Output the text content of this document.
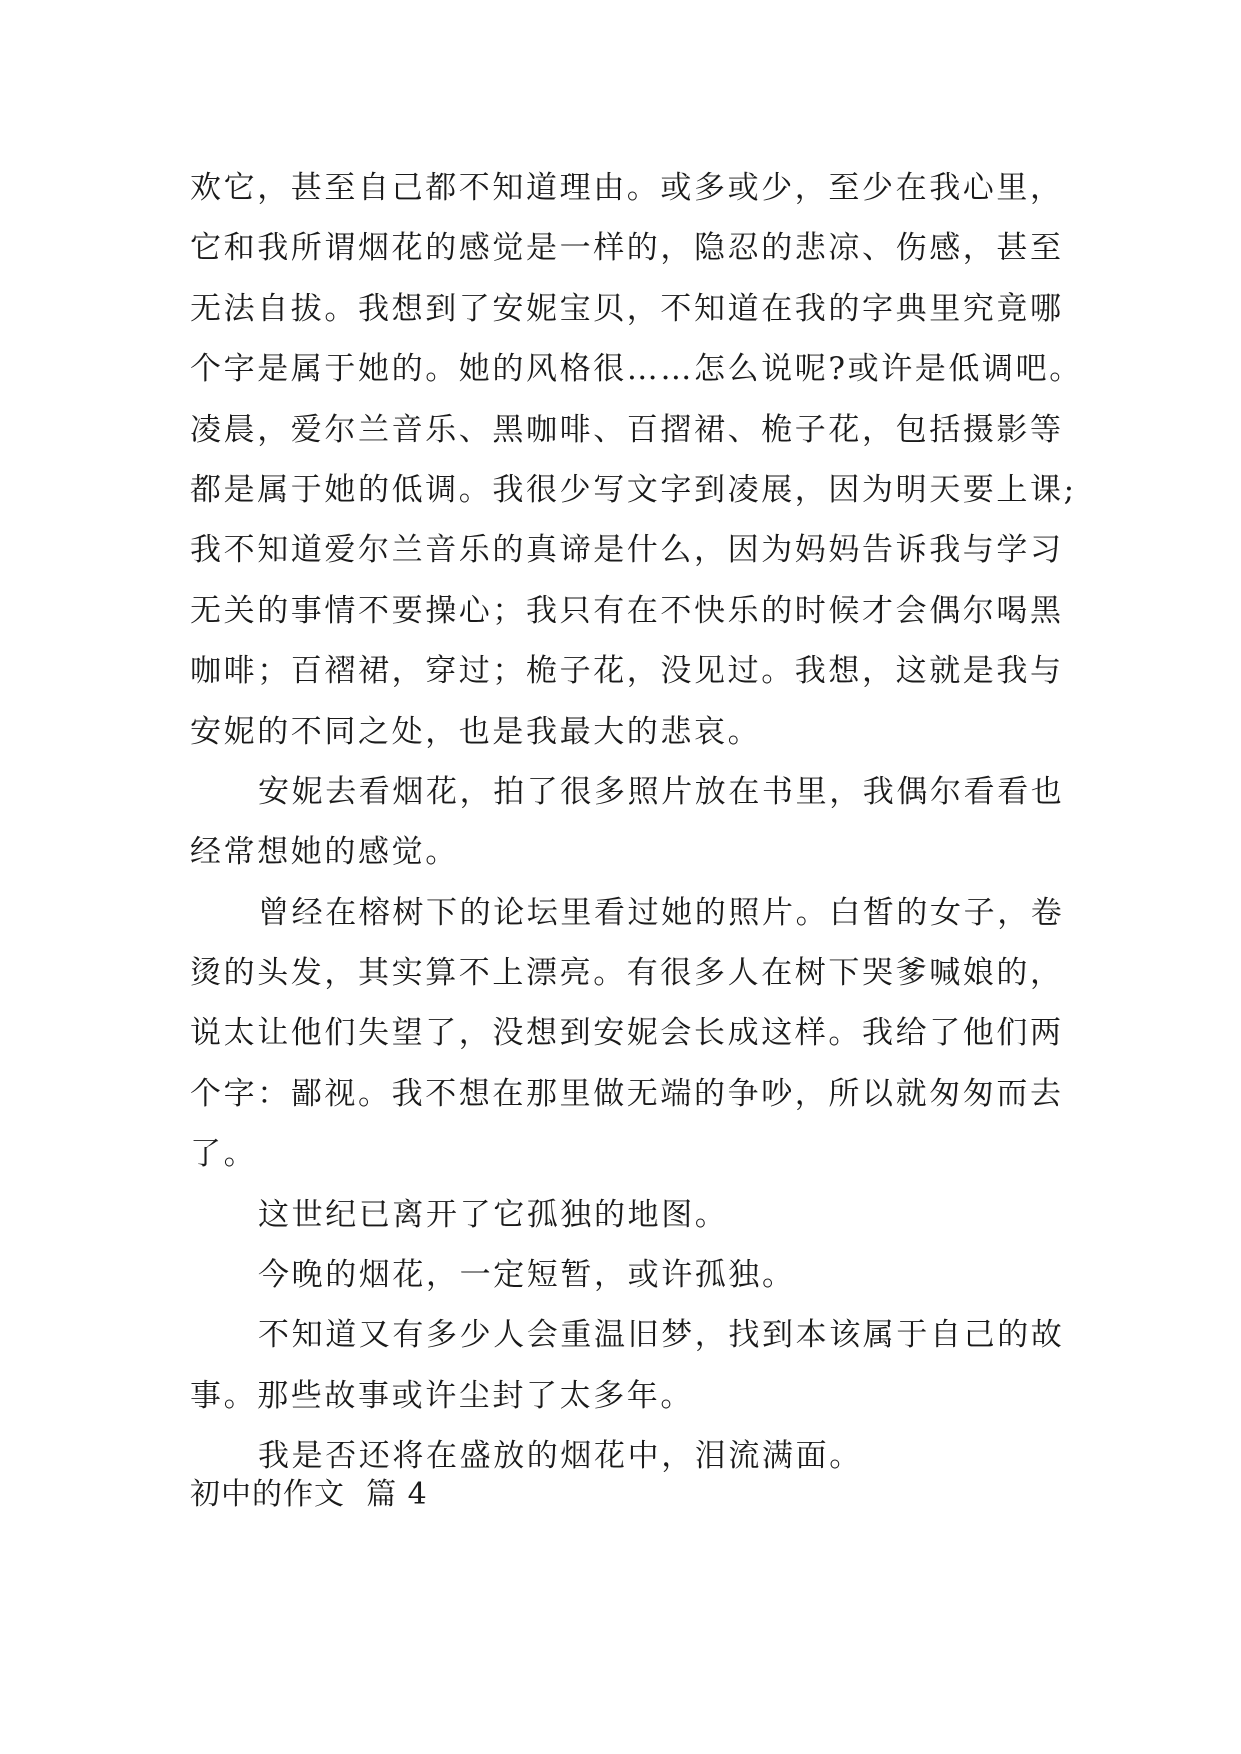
欢它，甚至自己都不知道理由。或多或少，至少在我心里，
它和我所谓烟花的感觉是一样的，隐忍的悲凉、伤感，甚至
无法自拔。我想到了安妮宝贝，不知道在我的字典里究竟哪
个字是属于她的。她的风格很……怎么说呢?或许是低调吧。
凌晨，爱尔兰音乐、黑咖啡、百摺裙、桅子花，包括摄影等
都是属于她的低调。我很少写文字到凌展，因为明天要上课;
我不知道爱尔兰音乐的真谛是什么，因为妈妈告诉我与学习
无关的事情不要操心；我只有在不快乐的时候才会偶尔喝黑
咖啡；百褶裙，穿过；桅子花，没见过。我想，这就是我与
安妮的不同之处，也是我最大的悲哀。
安妮去看烟花，拍了很多照片放在书里，我偶尔看看也
经常想她的感觉。
曾经在榕树下的论坛里看过她的照片。白皙的女子，卷
烫的头发，其实算不上漂亮。有很多人在树下哭爹喊娘的，
说太让他们失望了，没想到安妮会长成这样。我给了他们两
个字：鄙视。我不想在那里做无端的争吵，所以就匆匆而去
了。
这世纪已离开了它孤独的地图。
今晚的烟花，一定短暂，或许孤独。
不知道又有多少人会重温旧梦，找到本该属于自己的故
事。那些故事或许尘封了太多年。
我是否还将在盛放的烟花中，泪流满面。
初中的作文  篇 4
